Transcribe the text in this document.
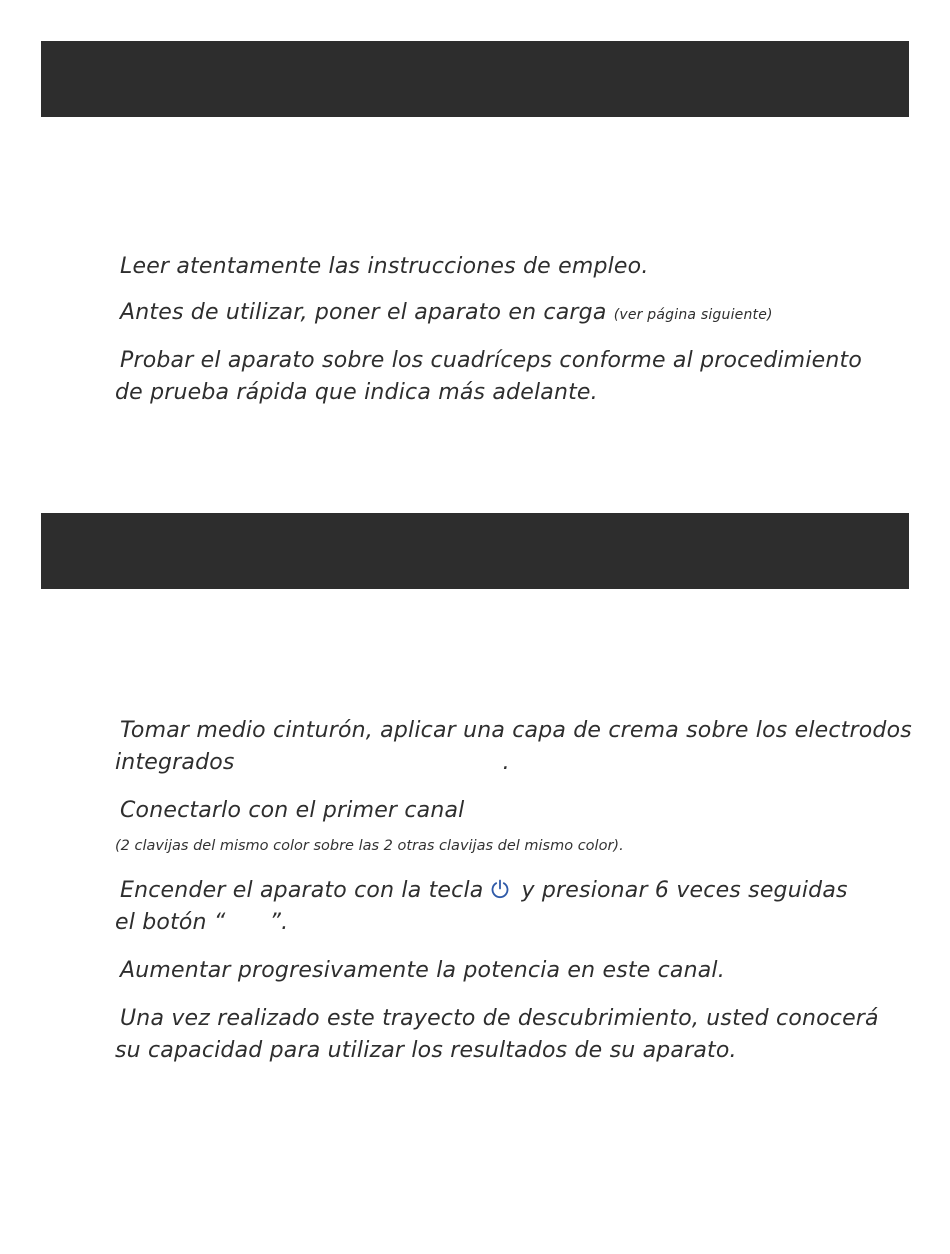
Leer atentamente las instrucciones de empleo.
Antes de utilizar, poner el aparato en carga (ver página siguiente)
Probar el aparato sobre los cuadríceps conforme al procedimiento
de prueba rápida que indica más adelante.
Tomar medio cinturón, aplicar una capa de crema sobre los electrodos
integrados	.
Conectarlo con el primer canal
(2 clavijas del mismo color sobre las 2 otras clavijas del mismo color).
Encender el aparato con la tecla y presionar 6 veces seguidas
el botón “ ”.
Aumentar progresivamente la potencia en este canal.
Una vez realizado este trayecto de descubrimiento, usted conocerá
su capacidad para utilizar los resultados de su aparato.
